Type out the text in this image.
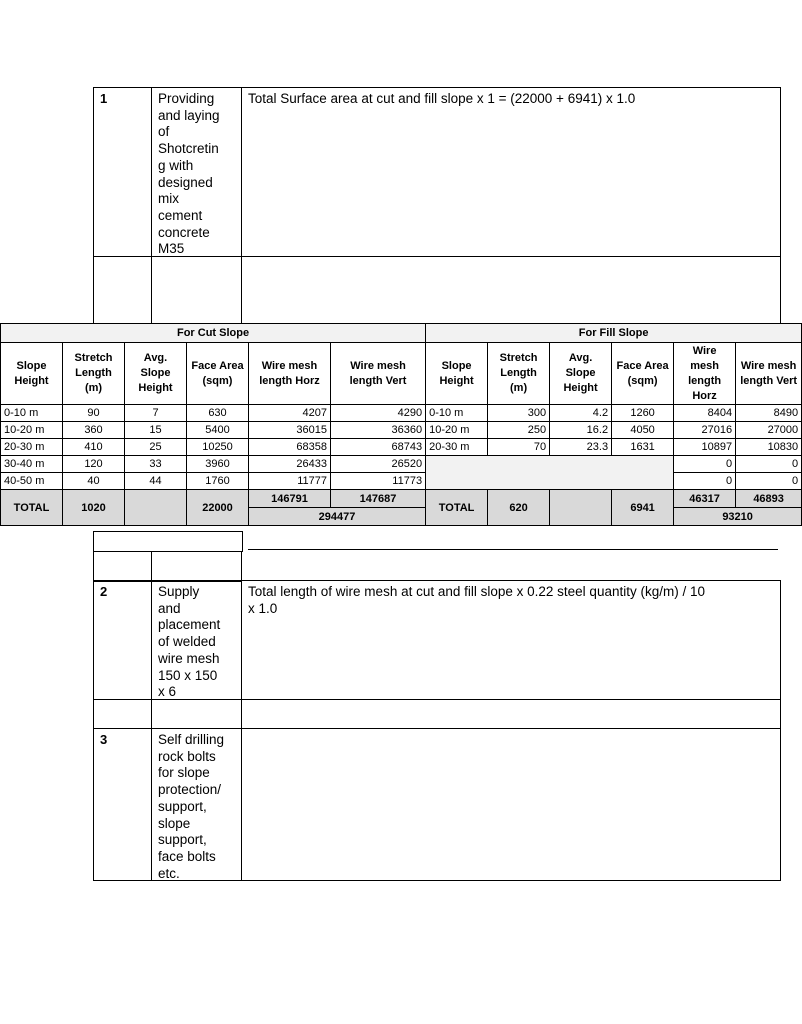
1	Providing
and laying
of
Shotcretin
g with
designed
mix
cement
concrete
M35
Total Surface area at cut and fill slope x 1 = (22000 + 6941) x 1.0
2	Supply
and
placement
of welded
wire mesh
150 x 150
x 6
Total length of wire mesh at cut and fill slope x 0.22 steel quantity (kg/m) / 10
x 1.0
3	Self drilling
rock bolts
for slope
protection/
support,
slope
support,
face bolts
etc.
For Cut Slope						For Fill Slope					
Slope Height	Stretch Length (m)	Avg. Slope Height	Face Area (sqm)	Wire mesh length Horz	Wire mesh length Vert	Slope Height	Stretch Length (m)	Avg. Slope Height	Face Area (sqm)	Wire mesh length Horz	Wire mesh length Vert
0-10 m	90	7	630	4207	4290	0-10 m	300	4.2	1260	8404	8490
10-20 m	360	15	5400	36015	36360	10-20 m	250	16.2	4050	27016	27000
20-30 m	410	25	10250	68358	68743	20-30 m	70	23.3	1631	10897	10830
30-40 m	120	33	3960	26433	26520					0	0
40-50 m	40	44	1760	11777	11773					0	0
TOTAL	1020		22000	146791	147687	TOTAL	620		6941	46317	46893
				294477						93210	
